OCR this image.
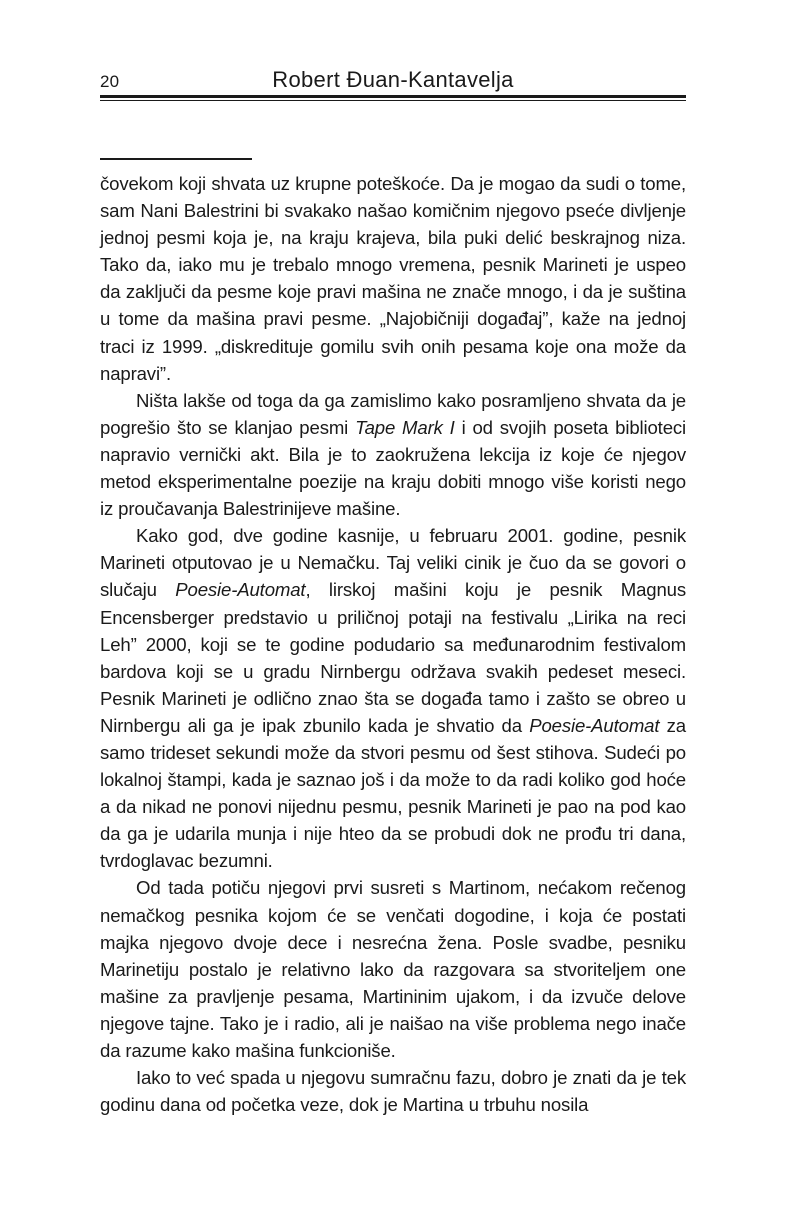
20	Robert Đuan-Kantavelja

čovekom koji shvata uz krupne poteškoće. Da je mogao da sudi o tome, sam Nani Balestrini bi svakako našao komičnim njegovo pseće divljenje jednoj pesmi koja je, na kraju krajeva, bila puki delić beskrajnog niza. Tako da, iako mu je trebalo mnogo vremena, pesnik Marineti je uspeo da zaključi da pesme koje pravi mašina ne znače mnogo, i da je suština u tome da mašina pravi pesme. „Najobičniji događaj”, kaže na jednoj traci iz 1999. „diskredituje gomilu svih onih pesama koje ona može da napravi”.

Ništa lakše od toga da ga zamislimo kako posramljeno shvata da je pogrešio što se klanjao pesmi Tape Mark I i od svojih poseta biblioteci napravio vernički akt. Bila je to zaokružena lekcija iz koje će njegov metod eksperimentalne poezije na kraju dobiti mnogo više koristi nego iz proučavanja Balestrinijeve mašine.

Kako god, dve godine kasnije, u februaru 2001. godine, pesnik Marineti otputovao je u Nemačku. Taj veliki cinik je čuo da se govori o slučaju Poesie-Automat, lirskoj mašini koju je pesnik Magnus Encensberger predstavio u priličnoj potaji na festivalu „Lirika na reci Leh” 2000, koji se te godine podudario sa međunarodnim festivalom bardova koji se u gradu Nirnbergu održava svakih pedeset meseci. Pesnik Marineti je odlično znao šta se događa tamo i zašto se obreo u Nirnbergu ali ga je ipak zbunilo kada je shvatio da Poesie-Automat za samo trideset sekundi može da stvori pesmu od šest stihova. Sudeći po lokalnoj štampi, kada je saznao još i da može to da radi koliko god hoće a da nikad ne ponovi nijednu pesmu, pesnik Marineti je pao na pod kao da ga je udarila munja i nije hteo da se probudi dok ne prođu tri dana, tvrdoglavac bezumni.

Od tada potiču njegovi prvi susreti s Martinom, nećakom rečenog nemačkog pesnika kojom će se venčati dogodine, i koja će postati majka njegovo dvoje dece i nesrećna žena. Posle svadbe, pesniku Marinetiju postalo je relativno lako da razgovara sa stvoriteljem one mašine za pravljenje pesama, Martininim ujakom, i da izvuče delove njegove tajne. Tako je i radio, ali je naišao na više problema nego inače da razume kako mašina funkcioniše.

Iako to već spada u njegovu sumračnu fazu, dobro je znati da je tek godinu dana od početka veze, dok je Martina u trbuhu nosila
